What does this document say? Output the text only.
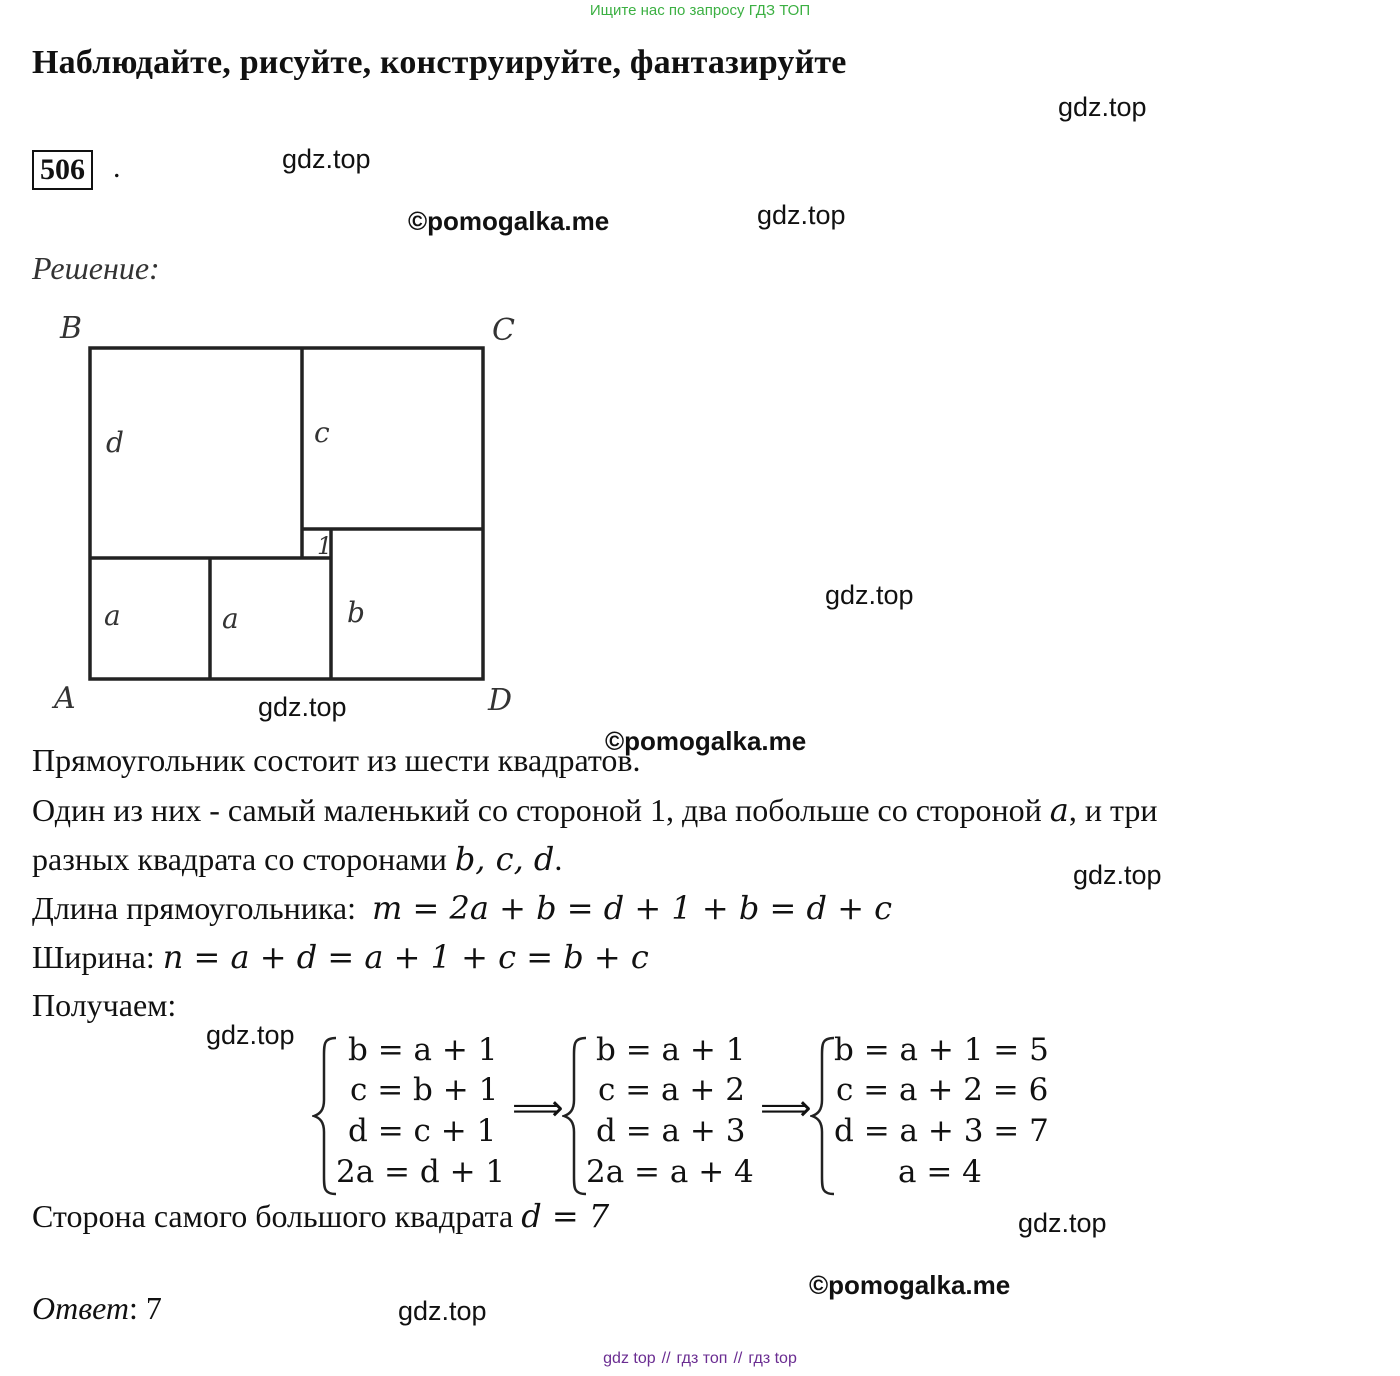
Ищите нас по запросу ГДЗ ТОП
Наблюдайте, рисуйте, конструируйте, фантазируйте
506 .
gdz.top
gdz.top
©pomogalka.me	gdz.top
gdz.top
gdz.top
©pomogalka.me
gdz.top
gdz.top
gdz.top
©pomogalka.me
gdz.top
Решение:
B	C
A	D
d	c
1
a	a	b
Прямоугольник состоит из шести квадратов.
Один из них - самый маленький со стороной 1, два побольше со стороной a, и три
разных квадрата со сторонами b, c, d.
Длина прямоугольника: m = 2a + b = d + 1 + b = d + c
Ширина: n = a + d = a + 1 + c = b + c
Получаем:
b = a + 1
c = b + 1
d = c + 1
2a = d + 1
⟹
b = a + 1
c = a + 2
d = a + 3
2a = a + 4
⟹
b = a + 1 = 5
c = a + 2 = 6
d = a + 3 = 7
a = 4
Сторона самого большого квадрата d = 7
Ответ: 7
gdz top // гдз топ // гдз top
